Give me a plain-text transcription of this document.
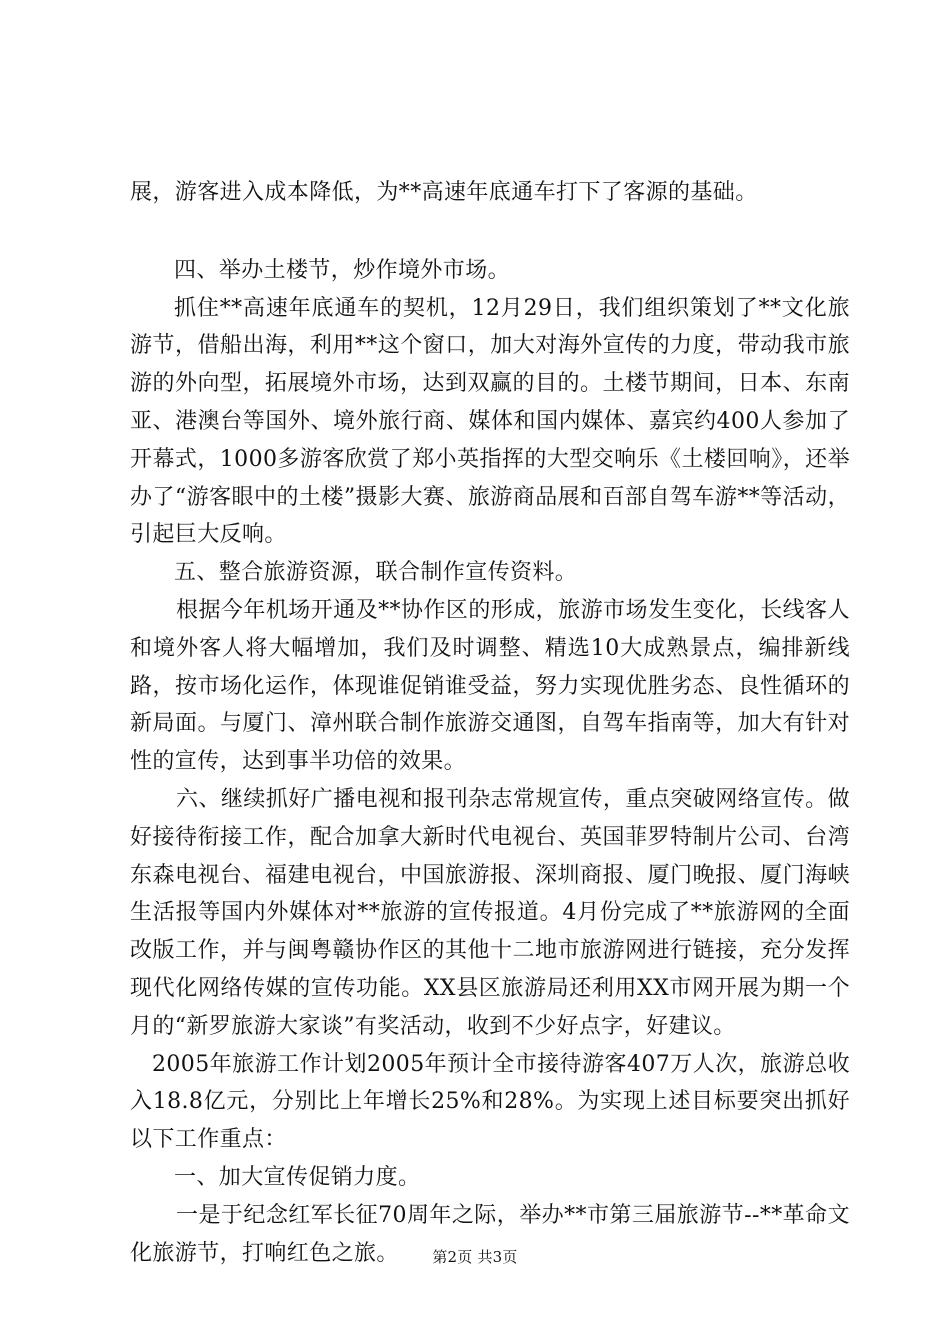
展，游客进入成本降低，为**高速年底通车打下了客源的基础。

四、举办土楼节，炒作境外市场。

抓住**高速年底通车的契机，12月29日，我们组织策划了**文化旅游节，借船出海，利用**这个窗口，加大对海外宣传的力度，带动我市旅游的外向型，拓展境外市场，达到双赢的目的。土楼节期间，日本、东南亚、港澳台等国外、境外旅行商、媒体和国内媒体、嘉宾约400人参加了开幕式，1000多游客欣赏了郑小英指挥的大型交响乐《土楼回响》，还举办了“游客眼中的土楼”摄影大赛、旅游商品展和百部自驾车游**等活动，引起巨大反响。

五、整合旅游资源，联合制作宣传资料。

根据今年机场开通及**协作区的形成，旅游市场发生变化，长线客人和境外客人将大幅增加，我们及时调整、精选10大成熟景点，编排新线路，按市场化运作，体现谁促销谁受益，努力实现优胜劣态、良性循环的新局面。与厦门、漳州联合制作旅游交通图，自驾车指南等，加大有针对性的宣传，达到事半功倍的效果。

六、继续抓好广播电视和报刊杂志常规宣传，重点突破网络宣传。做好接待衔接工作，配合加拿大新时代电视台、英国菲罗特制片公司、台湾东森电视台、福建电视台，中国旅游报、深圳商报、厦门晚报、厦门海峡生活报等国内外媒体对**旅游的宣传报道。4月份完成了**旅游网的全面改版工作，并与闽粤赣协作区的其他十二地市旅游网进行链接，充分发挥现代化网络传媒的宣传功能。XX县区旅游局还利用XX市网开展为期一个月的“新罗旅游大家谈”有奖活动，收到不少好点字，好建议。

2005年旅游工作计划2005年预计全市接待游客407万人次，旅游总收入18.8亿元，分别比上年增长25%和28%。为实现上述目标要突出抓好以下工作重点：

一、加大宣传促销力度。

一是于纪念红军长征70周年之际，举办**市第三届旅游节--**革命文化旅游节，打响红色之旅。	第2页 共3页
